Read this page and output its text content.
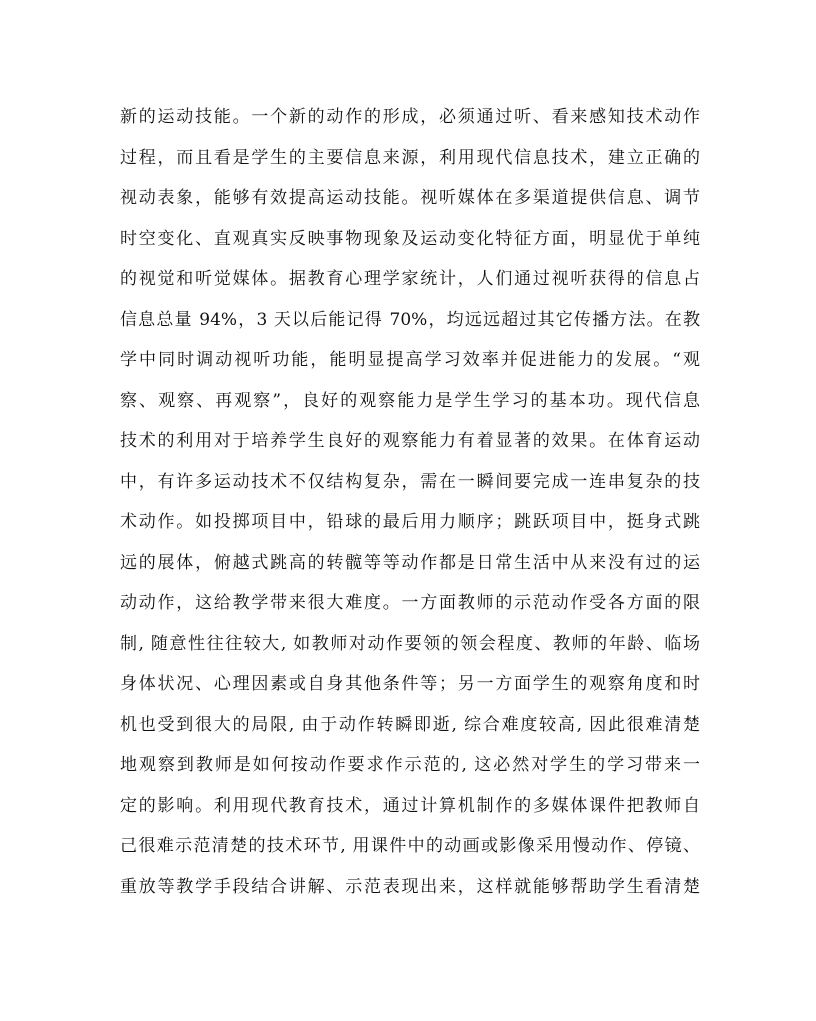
新的运动技能。一个新的动作的形成，必须通过听、看来感知技术动作
过程，而且看是学生的主要信息来源，利用现代信息技术，建立正确的
视动表象，能够有效提高运动技能。视听媒体在多渠道提供信息、调节
时空变化、直观真实反映事物现象及运动变化特征方面，明显优于单纯
的视觉和听觉媒体。据教育心理学家统计，人们通过视听获得的信息占
信息总量 94%，3 天以后能记得 70%，均远远超过其它传播方法。在教
学中同时调动视听功能，能明显提高学习效率并促进能力的发展。“观
察、观察、再观察”，良好的观察能力是学生学习的基本功。现代信息
技术的利用对于培养学生良好的观察能力有着显著的效果。在体育运动
中，有许多运动技术不仅结构复杂，需在一瞬间要完成一连串复杂的技
术动作。如投掷项目中，铅球的最后用力顺序；跳跃项目中，挺身式跳
远的展体，俯越式跳高的转髋等等动作都是日常生活中从来没有过的运
动动作，这给教学带来很大难度。一方面教师的示范动作受各方面的限
制, 随意性往往较大, 如教师对动作要领的领会程度、教师的年龄、临场
身体状况、心理因素或自身其他条件等；另一方面学生的观察角度和时
机也受到很大的局限, 由于动作转瞬即逝, 综合难度较高, 因此很难清楚
地观察到教师是如何按动作要求作示范的, 这必然对学生的学习带来一
定的影响。利用现代教育技术，通过计算机制作的多媒体课件把教师自
己很难示范清楚的技术环节, 用课件中的动画或影像采用慢动作、停镜、
重放等教学手段结合讲解、示范表现出来，这样就能够帮助学生看清楚
